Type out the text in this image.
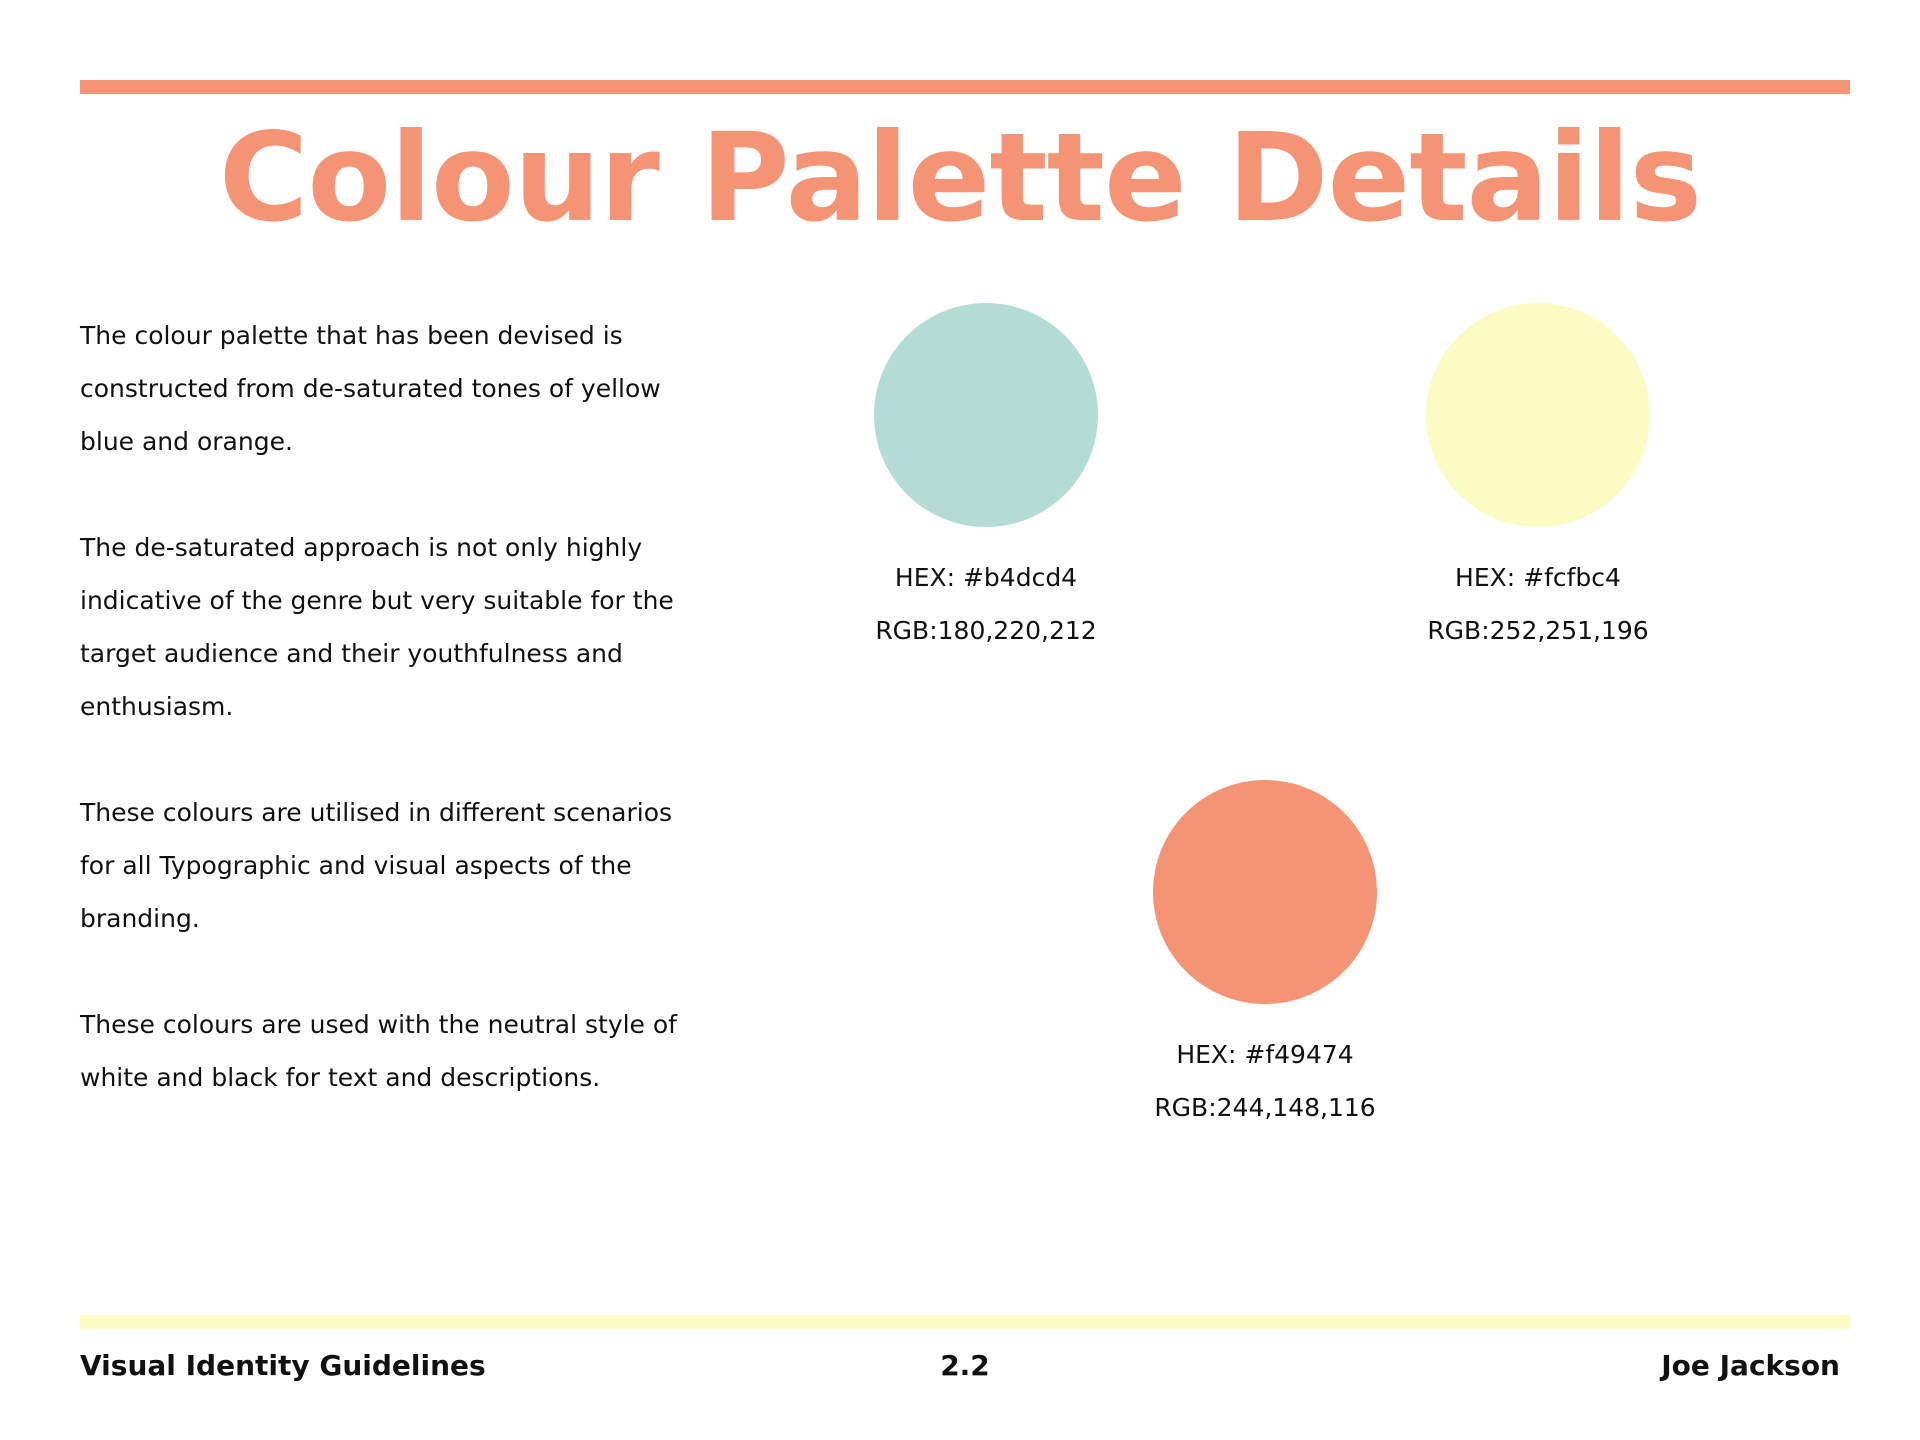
Colour Palette Details

The colour palette that has been devised is constructed from de-saturated tones of yellow blue and orange.

The de-saturated approach is not only highly indicative of the genre but very suitable for the target audience and their youthfulness and enthusiasm.

These colours are utilised in different scenarios for all Typographic and visual aspects of the branding.

These colours are used with the neutral style of white and black for text and descriptions.

HEX: #b4dcd4
RGB:180,220,212
HEX: #fcfbc4
RGB:252,251,196
HEX: #f49474
RGB:244,148,116
Visual Identity Guidelines	2.2	Joe Jackson
